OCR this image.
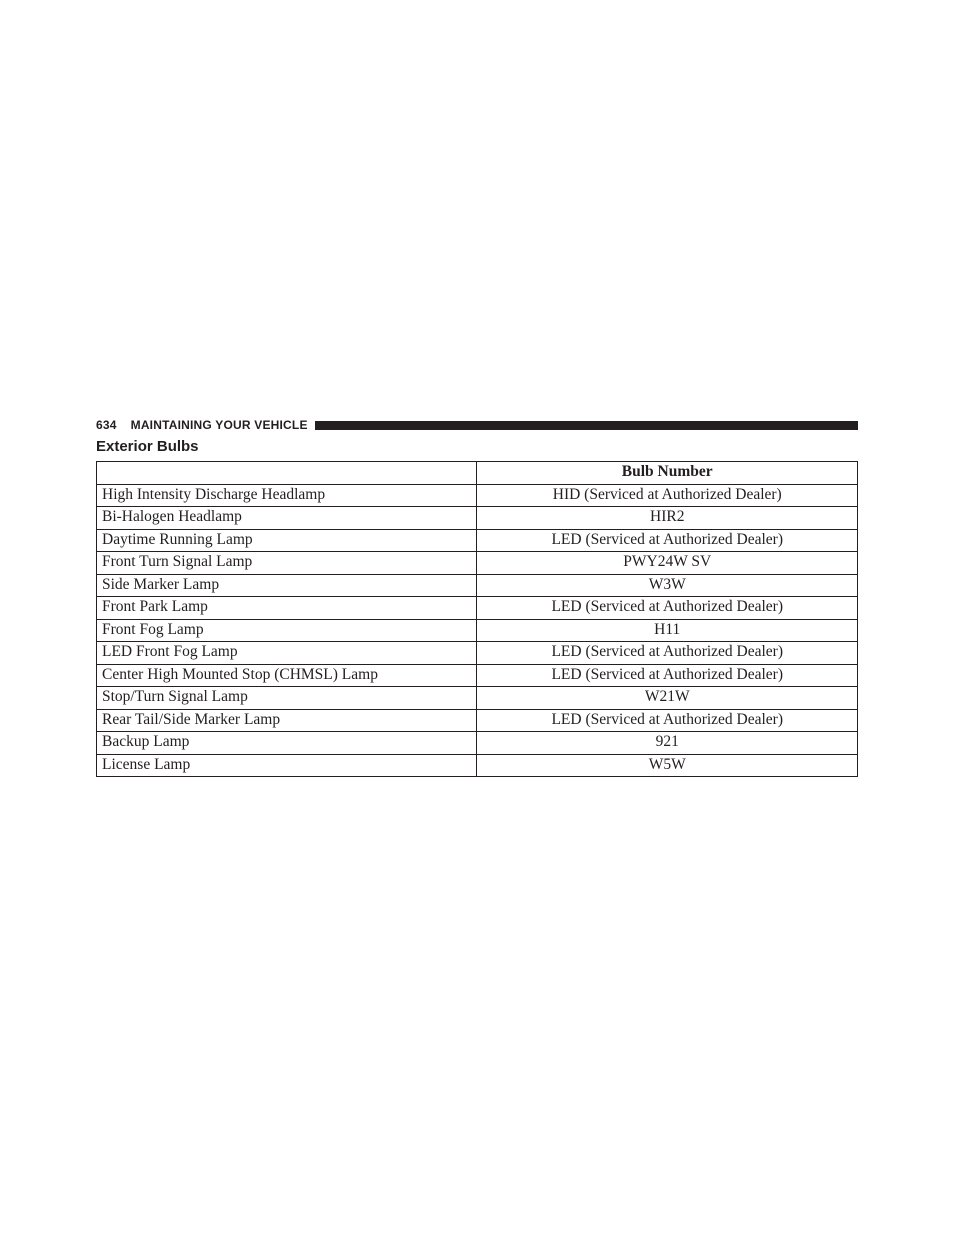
634 MAINTAINING YOUR VEHICLE
Exterior Bulbs
	Bulb Number
High Intensity Discharge Headlamp	HID (Serviced at Authorized Dealer)
Bi-Halogen Headlamp	HIR2
Daytime Running Lamp	LED (Serviced at Authorized Dealer)
Front Turn Signal Lamp	PWY24W SV
Side Marker Lamp	W3W
Front Park Lamp	LED (Serviced at Authorized Dealer)
Front Fog Lamp	H11
LED Front Fog Lamp	LED (Serviced at Authorized Dealer)
Center High Mounted Stop (CHMSL) Lamp	LED (Serviced at Authorized Dealer)
Stop/Turn Signal Lamp	W21W
Rear Tail/Side Marker Lamp	LED (Serviced at Authorized Dealer)
Backup Lamp	921
License Lamp	W5W
